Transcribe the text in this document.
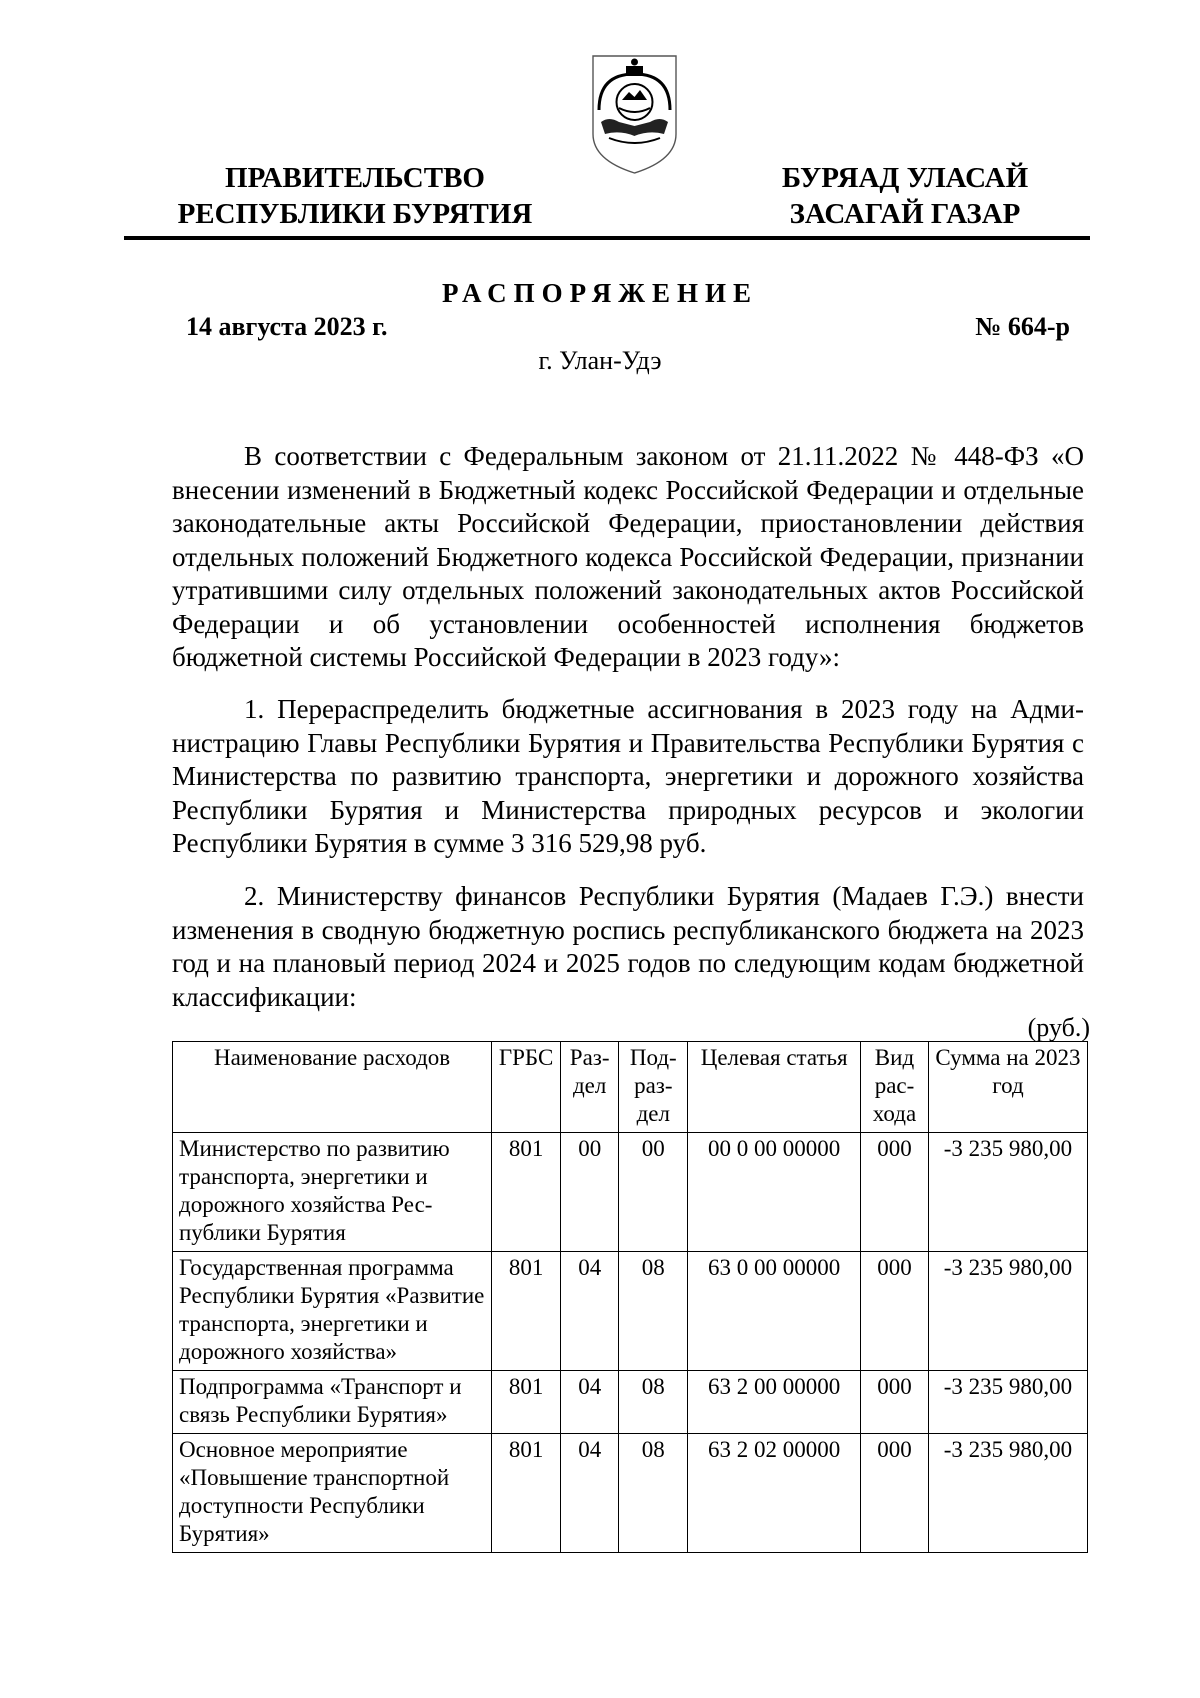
ПРАВИТЕЛЬСТВО
РЕСПУБЛИКИ БУРЯТИЯ
БУРЯАД УЛАСАЙ
ЗАСАГАЙ ГАЗАР
РАСПОРЯЖЕНИЕ
14 августа 2023 г.	№ 664-р
г. Улан-Удэ

В соответствии с Федеральным законом от 21.11.2022 № 448-ФЗ «О внесении изменений в Бюджетный кодекс Российской Федерации и отдельные законодательные акты Российской Федерации, приостановлении действия отдельных положений Бюджетного кодекса Российской Федерации, признании утратившими силу отдельных положений законодательных актов Российской Федерации и об установлении особенностей исполнения бюджетов бюджетной системы Российской Федерации в 2023 году»:

1. Перераспределить бюджетные ассигнования в 2023 году на Администрацию Главы Республики Бурятия и Правительства Республики Бурятия с Министерства по развитию транспорта, энергетики и дорожного хозяйства Республики Бурятия и Министерства природных ресурсов и экологии Республики Бурятия в сумме 3 316 529,98 руб.

2. Министерству финансов Республики Бурятия (Мадаев Г.Э.) внести изменения в сводную бюджетную роспись республиканского бюджета на 2023 год и на плановый период 2024 и 2025 годов по следующим кодам бюджетной классификации:

(руб.)
Наименование расходов	ГРБС	Раздел	Подраздел	Целевая статья	Вид расхода	Сумма на 2023 год
Министерство по развитию транспорта, энергетики и дорожного хозяйства Республики Бурятия	801	00	00	00 0 00 00000	000	-3 235 980,00
Государственная программа Республики Бурятия «Развитие транспорта, энергетики и дорожного хозяйства»	801	04	08	63 0 00 00000	000	-3 235 980,00
Подпрограмма «Транспорт и связь Республики Бурятия»	801	04	08	63 2 00 00000	000	-3 235 980,00
Основное мероприятие «Повышение транспортной доступности Республики Бурятия»	801	04	08	63 2 02 00000	000	-3 235 980,00
